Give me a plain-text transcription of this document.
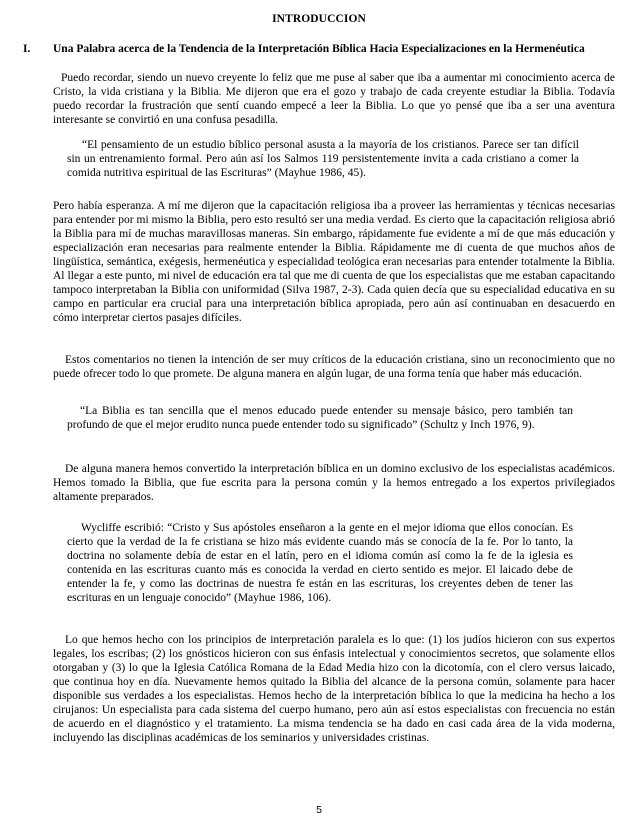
INTRODUCCION
I. Una Palabra acerca de la Tendencia de la Interpretación Bíblica Hacia Especializaciones en la Hermenéutica

Puedo recordar, siendo un nuevo creyente lo feliz que me puse al saber que iba a aumentar mi conocimiento acerca de Cristo, la vida cristiana y la Biblia. Me dijeron que era el gozo y trabajo de cada creyente estudiar la Biblia. Todavía puedo recordar la frustración que sentí cuando empecé a leer la Biblia. Lo que yo pensé que iba a ser una aventura interesante se convirtió en una confusa pesadilla.

“El pensamiento de un estudio bíblico personal asusta a la mayoría de los cristianos. Parece ser tan difícil sin un entrenamiento formal. Pero aún así los Salmos 119 persistentemente invita a cada cristiano a comer la comida nutritiva espiritual de las Escrituras” (Mayhue 1986, 45).

Pero había esperanza. A mí me dijeron que la capacitación religiosa iba a proveer las herramientas y técnicas necesarias para entender por mi mismo la Biblia, pero esto resultó ser una media verdad. Es cierto que la capacitación religiosa abrió la Biblia para mí de muchas maravillosas maneras. Sin embargo, rápidamente fue evidente a mí de que más educación y especialización eran necesarias para realmente entender la Biblia. Rápidamente me di cuenta de que muchos años de lingüística, semántica, exégesis, hermenéutica y especialidad teológica eran necesarias para entender totalmente la Biblia. Al llegar a este punto, mi nivel de educación era tal que me di cuenta de que los especialistas que me estaban capacitando tampoco interpretaban la Biblia con uniformidad (Silva 1987, 2-3). Cada quien decía que su especialidad educativa en su campo en particular era crucial para una interpretación bíblica apropiada, pero aún así continuaban en desacuerdo en cómo interpretar ciertos pasajes difíciles.

Estos comentarios no tienen la intención de ser muy críticos de la educación cristiana, sino un reconocimiento que no puede ofrecer todo lo que promete. De alguna manera en algún lugar, de una forma tenía que haber más educación.

“La Biblia es tan sencilla que el menos educado puede entender su mensaje básico, pero también tan profundo de que el mejor erudito nunca puede entender todo su significado” (Schultz y Inch 1976, 9).

De alguna manera hemos convertido la interpretación bíblica en un domino exclusivo de los especialistas académicos. Hemos tomado la Biblia, que fue escrita para la persona común y la hemos entregado a los expertos privilegiados altamente preparados.

Wycliffe escribió: “Cristo y Sus apóstoles enseñaron a la gente en el mejor idioma que ellos conocían. Es cierto que la verdad de la fe cristiana se hizo más evidente cuando más se conocía de la fe. Por lo tanto, la doctrina no solamente debía de estar en el latín, pero en el idioma común así como la fe de la iglesia es contenida en las escrituras cuanto más es conocida la verdad en cierto sentido es mejor. El laicado debe de entender la fe, y como las doctrinas de nuestra fe están en las escrituras, los creyentes deben de tener las escrituras en un lenguaje conocido” (Mayhue 1986, 106).

Lo que hemos hecho con los principios de interpretación paralela es lo que: (1) los judíos hicieron con sus expertos legales, los escribas; (2) los gnósticos hicieron con sus énfasis intelectual y conocimientos secretos, que solamente ellos otorgaban y (3) lo que la Iglesia Católica Romana de la Edad Media hizo con la dicotomía, con el clero versus laicado, que continua hoy en día. Nuevamente hemos quitado la Biblia del alcance de la persona común, solamente para hacer disponible sus verdades a los especialistas. Hemos hecho de la interpretación bíblica lo que la medicina ha hecho a los cirujanos: Un especialista para cada sistema del cuerpo humano, pero aún así estos especialistas con frecuencia no están de acuerdo en el diagnóstico y el tratamiento. La misma tendencia se ha dado en casi cada área de la vida moderna, incluyendo las disciplinas académicas de los seminarios y universidades cristinas.

5
